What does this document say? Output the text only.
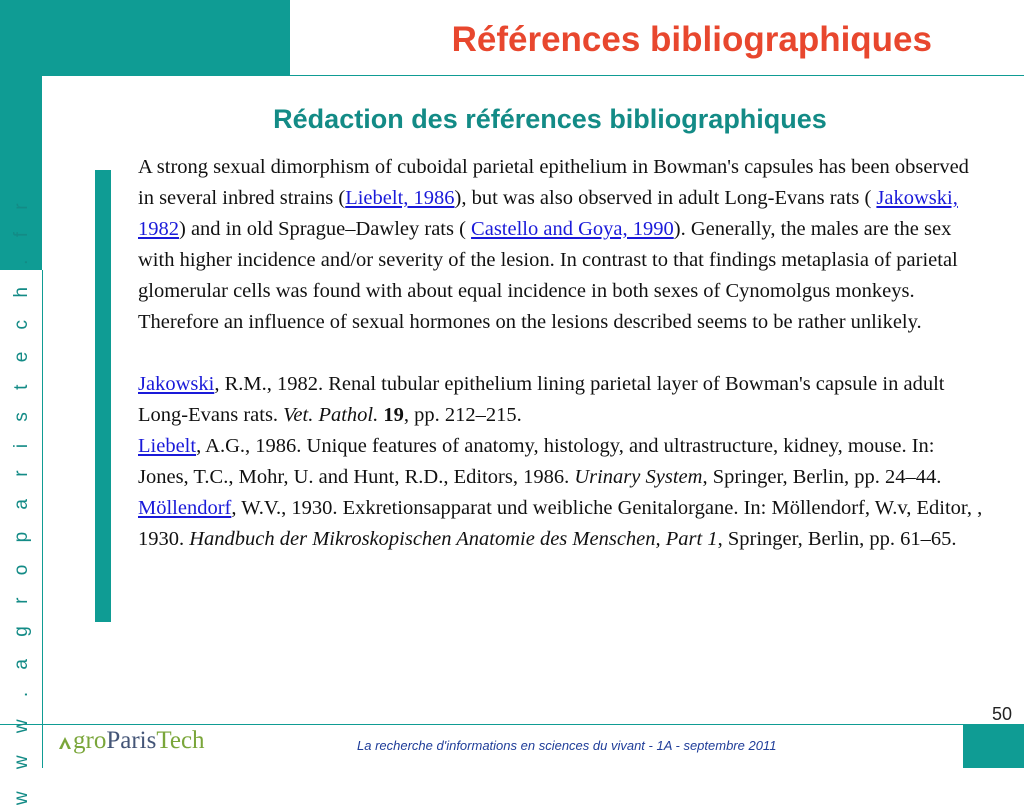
Références bibliographiques
Rédaction des références bibliographiques
w w w . a g r o p a r i s t e c h . f r

A strong sexual dimorphism of cuboidal parietal epithelium in Bowman's capsules has been observed in several inbred strains (Liebelt, 1986), but was also observed in adult Long-Evans rats ( Jakowski, 1982) and in old Sprague–Dawley rats ( Castello and Goya, 1990). Generally, the males are the sex with higher incidence and/or severity of the lesion. In contrast to that findings metaplasia of parietal glomerular cells was found with about equal incidence in both sexes of Cynomolgus monkeys. Therefore an influence of sexual hormones on the lesions described seems to be rather unlikely.

Jakowski, R.M., 1982. Renal tubular epithelium lining parietal layer of Bowman's capsule in adult Long-Evans rats. Vet. Pathol. 19, pp. 212–215.

Liebelt, A.G., 1986. Unique features of anatomy, histology, and ultrastructure, kidney, mouse. In: Jones, T.C., Mohr, U. and Hunt, R.D., Editors, 1986. Urinary System, Springer, Berlin, pp. 24–44.

Möllendorf, W.V., 1930. Exkretionsapparat und weibliche Genitalorgane. In: Möllendorf, W.v, Editor, , 1930. Handbuch der Mikroskopischen Anatomie des Menschen, Part 1, Springer, Berlin, pp. 61–65.

50
gro Paris Tech	La recherche d'informations en sciences du vivant - 1A - septembre 2011
